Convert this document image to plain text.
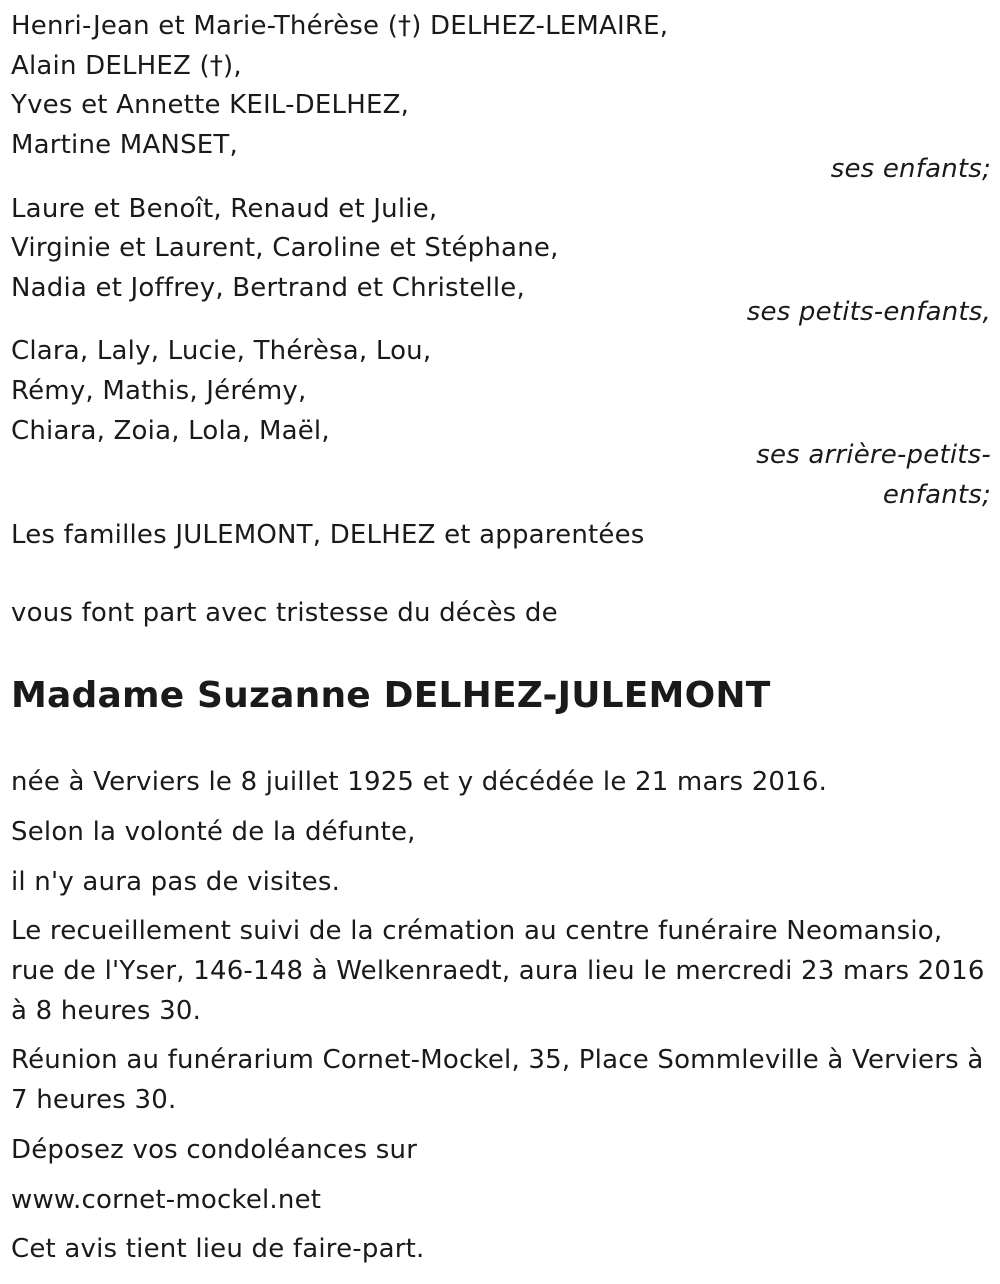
Henri-Jean et Marie-Thérèse (†) DELHEZ-LEMAIRE,
Alain DELHEZ (†),
Yves et Annette KEIL-DELHEZ,
Martine MANSET,
ses enfants;
Laure et Benoît, Renaud et Julie,
Virginie et Laurent, Caroline et Stéphane,
Nadia et Joffrey, Bertrand et Christelle,
ses petits-enfants,
Clara, Laly, Lucie, Thérèsa, Lou,
Rémy, Mathis, Jérémy,
Chiara, Zoia, Lola, Maël,
ses arrière-petits-
enfants;
Les familles JULEMONT, DELHEZ et apparentées
vous font part avec tristesse du décès de
Madame Suzanne DELHEZ-JULEMONT
née à Verviers le 8 juillet 1925 et y décédée le 21 mars 2016.
Selon la volonté de la défunte,
il n'y aura pas de visites.
Le recueillement suivi de la crémation au centre funéraire Neomansio, rue de l'Yser, 146-148 à Welkenraedt, aura lieu le mercredi 23 mars 2016 à 8 heures 30.
Réunion au funérarium Cornet-Mockel, 35, Place Sommleville à Verviers à 7 heures 30.
Déposez vos condoléances sur
www.cornet-mockel.net
Cet avis tient lieu de faire-part.
